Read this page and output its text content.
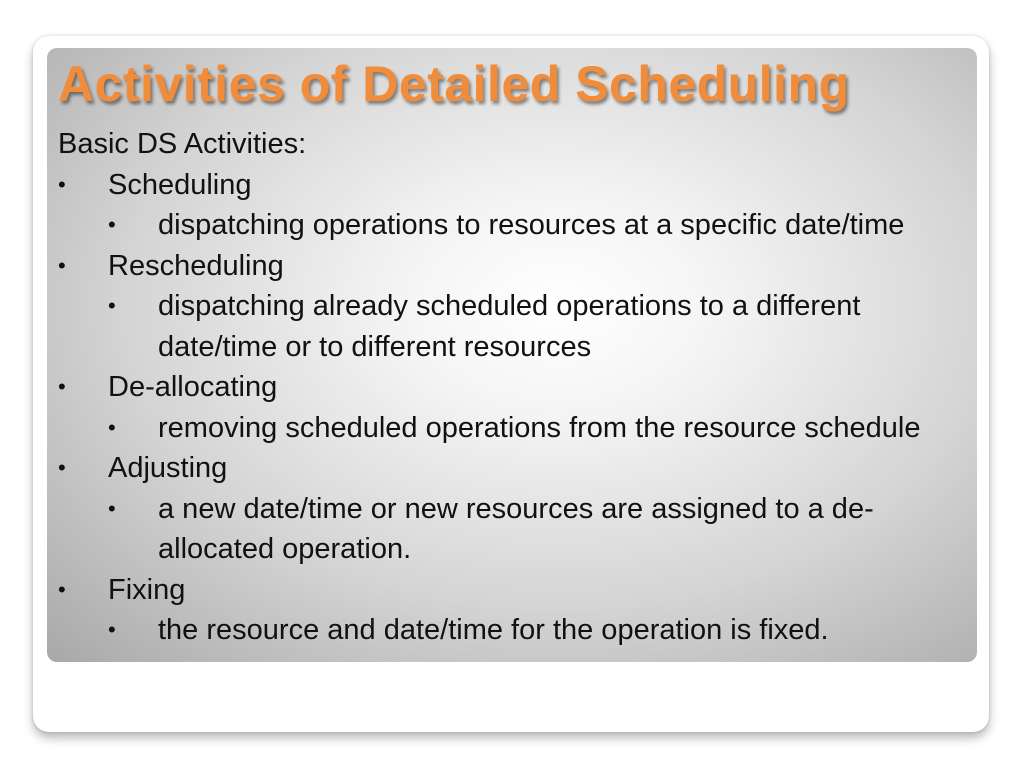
Activities of Detailed Scheduling

Basic DS Activities:

•	Scheduling
•	dispatching operations to resources at a specific date/time
•	Rescheduling
•	dispatching already scheduled operations to a different date/time or to different resources
•	De-allocating
•	removing scheduled operations from the resource schedule
•	Adjusting
•	a new date/time or new resources are assigned to a de-allocated operation.
•	Fixing
•	the resource and date/time for the operation is fixed.
